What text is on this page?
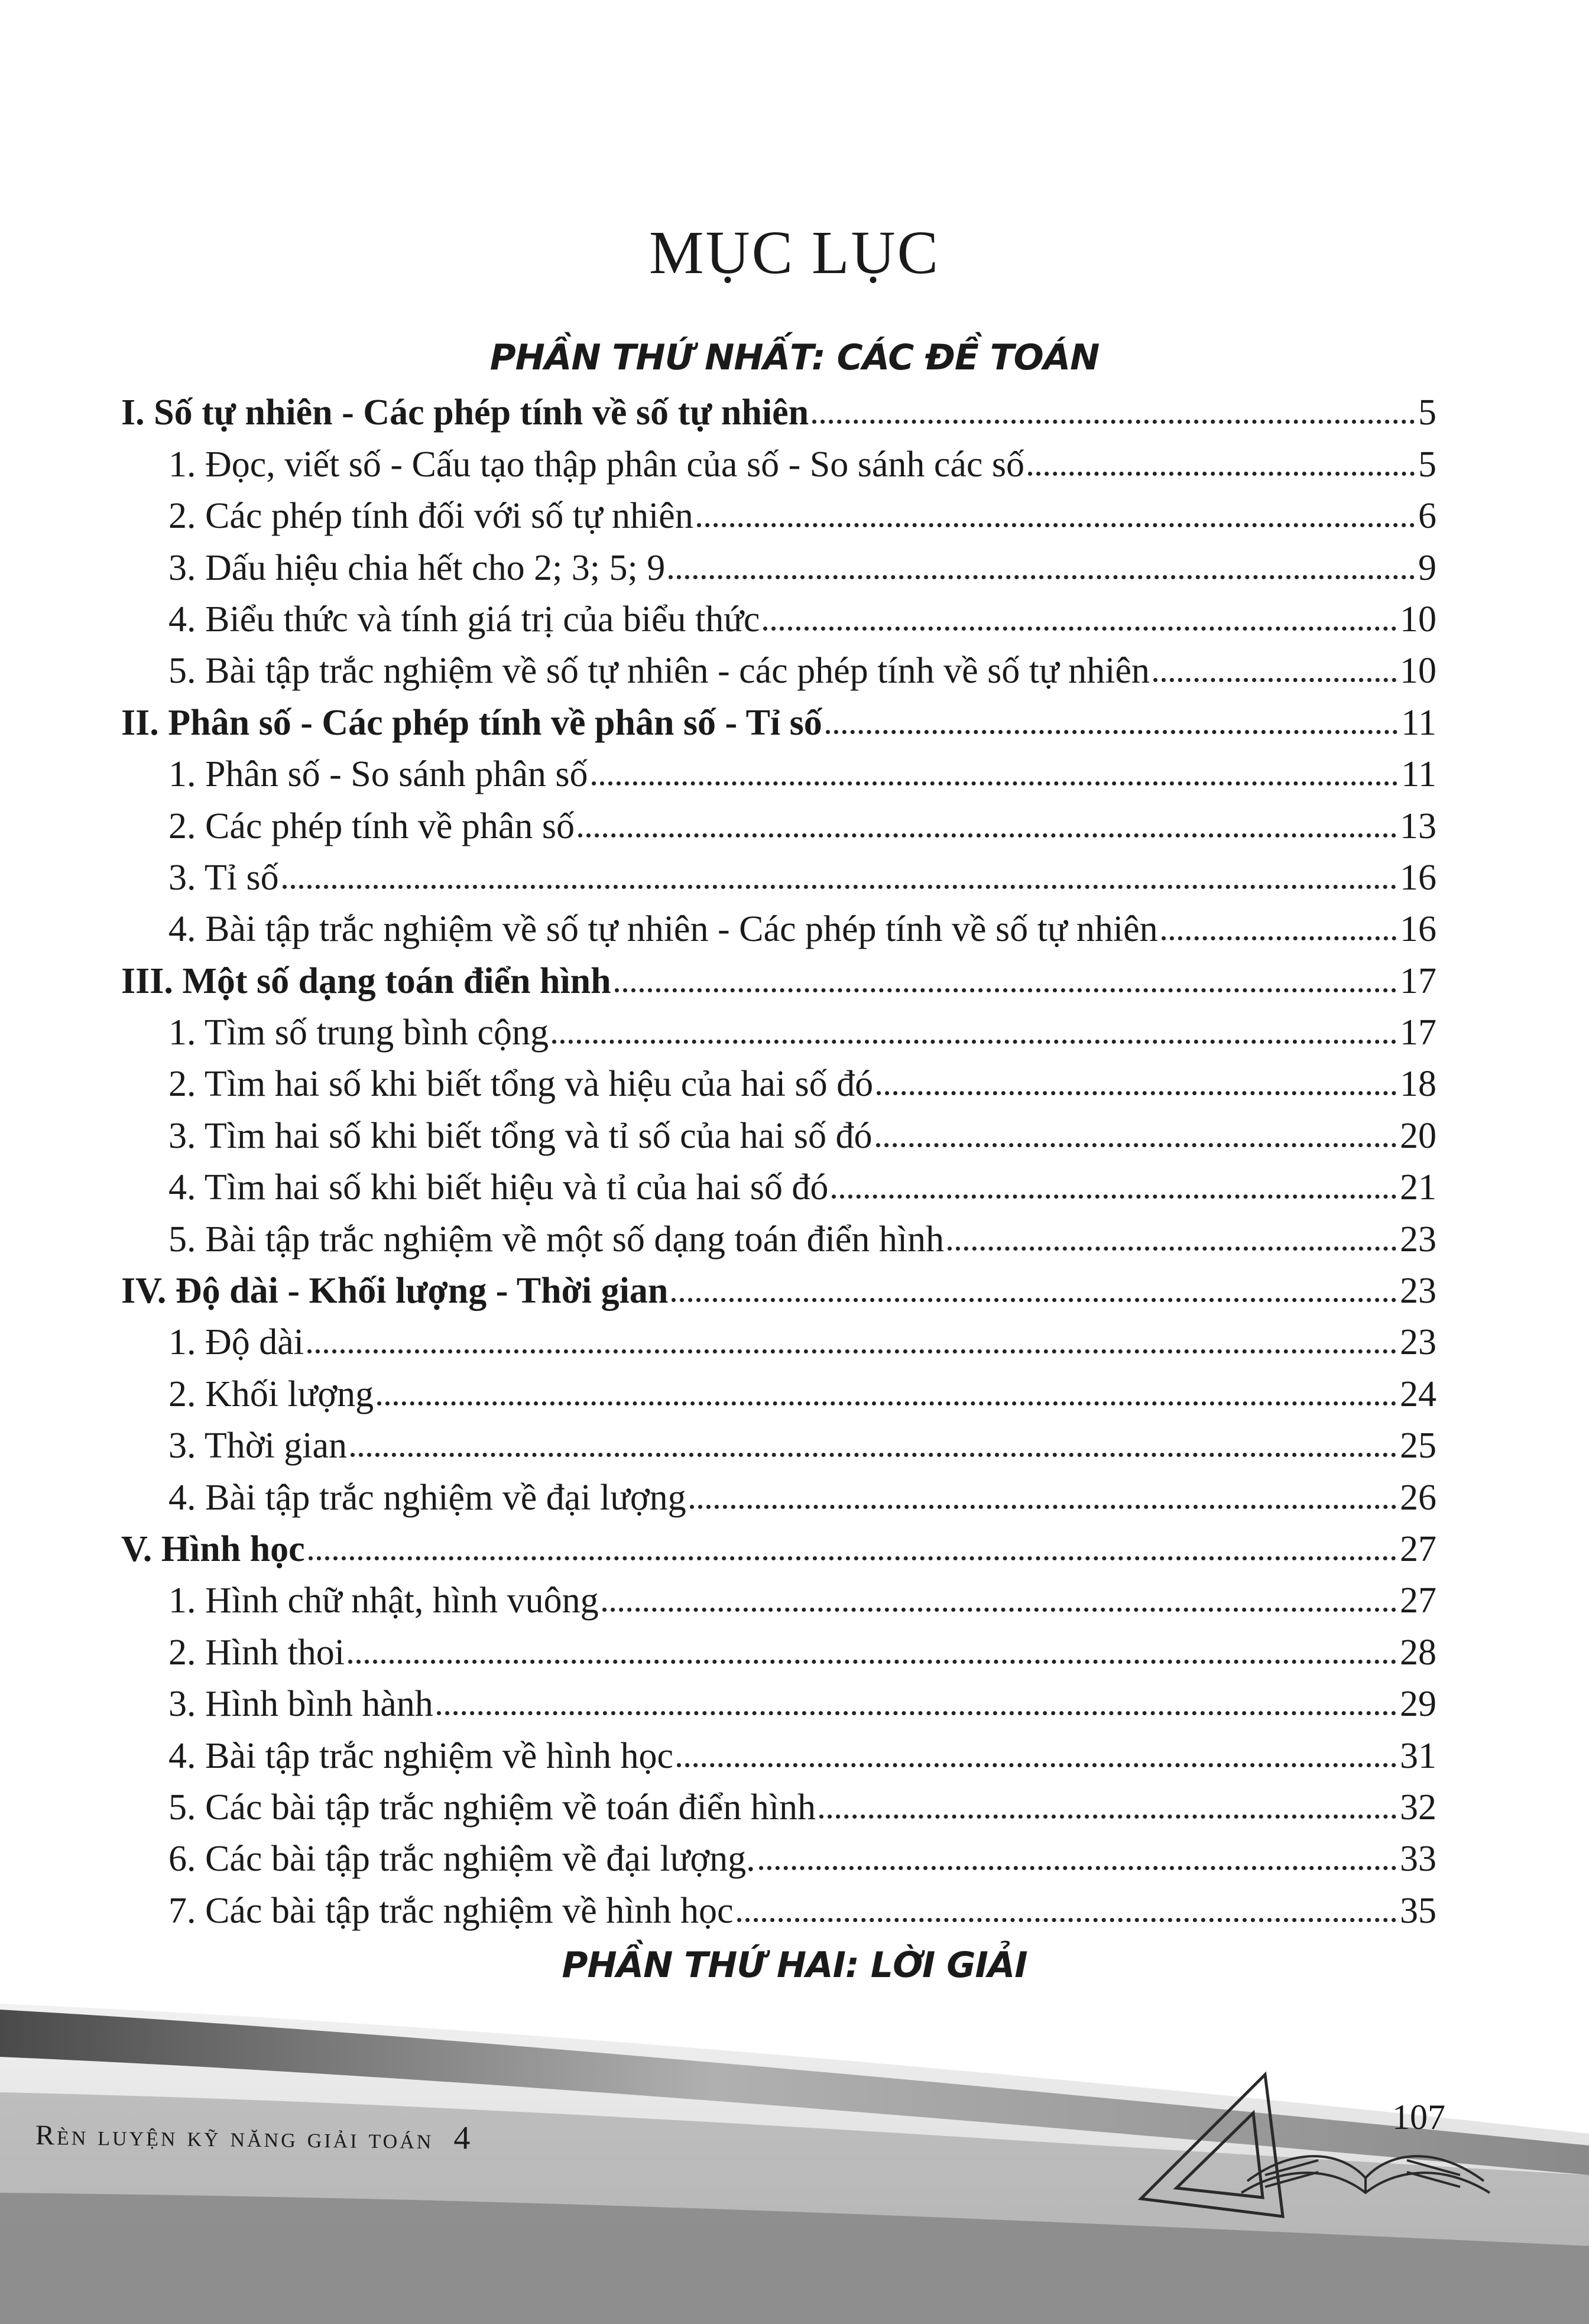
MỤC LỤC
PHẦN THỨ NHẤT: CÁC ĐỀ TOÁN
I. Số tự nhiên - Các phép tính về số tự nhiên	5
1. Đọc, viết số - Cấu tạo thập phân của số - So sánh các số	5
2. Các phép tính đối với số tự nhiên	6
3. Dấu hiệu chia hết cho 2; 3; 5; 9	9
4. Biểu thức và tính giá trị của biểu thức	10
5. Bài tập trắc nghiệm về số tự nhiên - các phép tính về số tự nhiên	10
II. Phân số - Các phép tính về phân số - Tỉ số	11
1. Phân số - So sánh phân số	11
2. Các phép tính về phân số	13
3. Tỉ số	16
4. Bài tập trắc nghiệm về số tự nhiên - Các phép tính về số tự nhiên	16
III. Một số dạng toán điển hình	17
1. Tìm số trung bình cộng	17
2. Tìm hai số khi biết tổng và hiệu của hai số đó	18
3. Tìm hai số khi biết tổng và tỉ số của hai số đó	20
4. Tìm hai số khi biết hiệu và tỉ của hai số đó	21
5. Bài tập trắc nghiệm về một số dạng toán điển hình	23
IV. Độ dài - Khối lượng - Thời gian	23
1. Độ dài	23
2. Khối lượng	24
3. Thời gian	25
4. Bài tập trắc nghiệm về đại lượng	26
V. Hình học	27
1. Hình chữ nhật, hình vuông	27
2. Hình thoi	28
3. Hình bình hành	29
4. Bài tập trắc nghiệm về hình học	31
5. Các bài tập trắc nghiệm về toán điển hình	32
6. Các bài tập trắc nghiệm về đại lượng.	33
7. Các bài tập trắc nghiệm về hình học	35
PHẦN THỨ HAI: LỜI GIẢI
Rèn luyện kỹ năng giải toán 4
107
